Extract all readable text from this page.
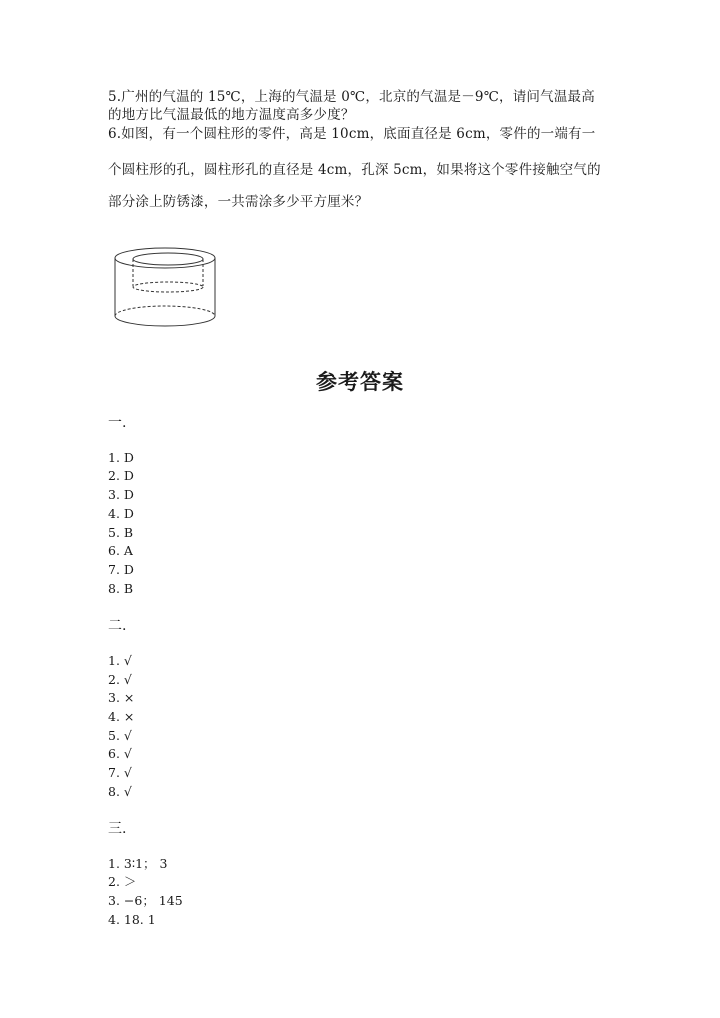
5.广州的气温的 15℃，上海的气温是 0℃，北京的气温是－9℃，请问气温最高
的地方比气温最低的地方温度高多少度？
6.如图，有一个圆柱形的零件，高是 10cm，底面直径是 6cm，零件的一端有一
个圆柱形的孔，圆柱形孔的直径是 4cm，孔深 5cm，如果将这个零件接触空气的
部分涂上防锈漆，一共需涂多少平方厘米？
参考答案
一.
1. D
2. D
3. D
4. D
5. B
6. A
7. D
8. B
二.
1. √
2. √
3. ×
4. ×
5. √
6. √
7. √
8. √
三.
1. 3∶1； 3
2. ＞
3. −6； 145
4. 18. 1
